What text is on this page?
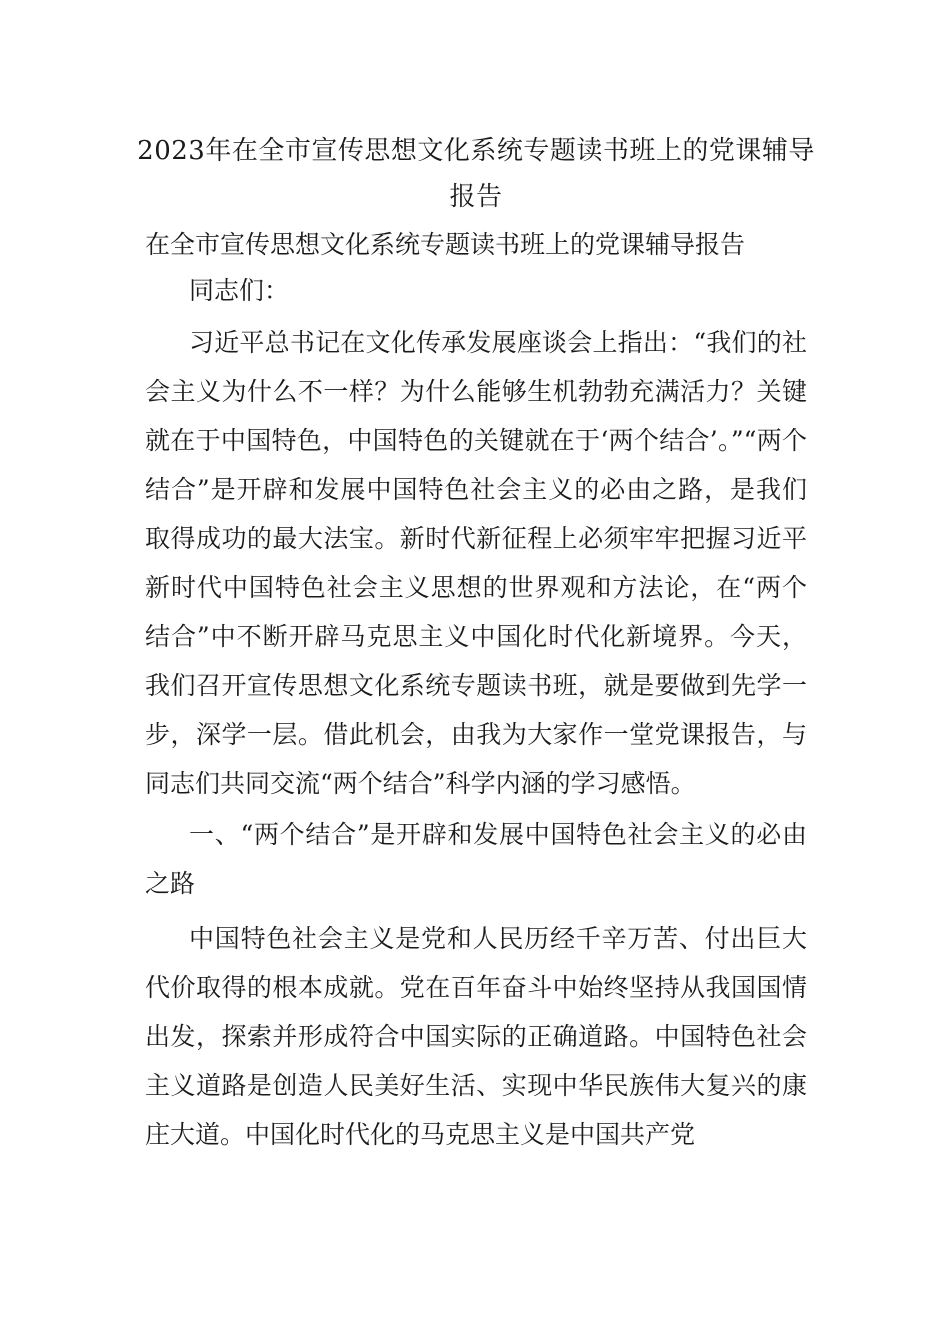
2023年在全市宣传思想文化系统专题读书班上的党课辅导报告

在全市宣传思想文化系统专题读书班上的党课辅导报告

同志们：

习近平总书记在文化传承发展座谈会上指出：“我们的社会主义为什么不一样？为什么能够生机勃勃充满活力？关键就在于中国特色，中国特色的关键就在于‘两个结合’。”“两个结合”是开辟和发展中国特色社会主义的必由之路，是我们取得成功的最大法宝。新时代新征程上必须牢牢把握习近平新时代中国特色社会主义思想的世界观和方法论，在“两个结合”中不断开辟马克思主义中国化时代化新境界。今天，我们召开宣传思想文化系统专题读书班，就是要做到先学一步，深学一层。借此机会，由我为大家作一堂党课报告，与同志们共同交流“两个结合”科学内涵的学习感悟。

一、“两个结合”是开辟和发展中国特色社会主义的必由之路

中国特色社会主义是党和人民历经千辛万苦、付出巨大代价取得的根本成就。党在百年奋斗中始终坚持从我国国情出发，探索并形成符合中国实际的正确道路。中国特色社会主义道路是创造人民美好生活、实现中华民族伟大复兴的康庄大道。中国化时代化的马克思主义是中国共产党
